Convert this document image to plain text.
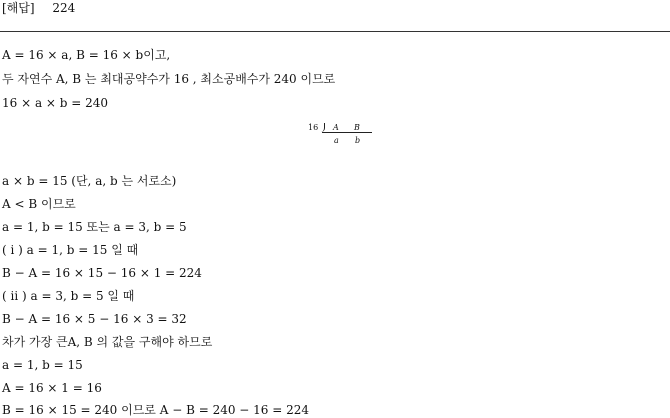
[해답] 224
A = 16 × a, B = 16 × b이고,
두 자연수 A, B 는 최대공약수가 16 , 최소공배수가 240 이므로
16 × a × b = 240
16 A B
a b
a × b = 15 (단, a, b 는 서로소)
A < B 이므로
a = 1, b = 15 또는 a = 3, b = 5
( i ) a = 1, b = 15 일 때
B − A = 16 × 15 − 16 × 1 = 224
( ii ) a = 3, b = 5 일 때
B − A = 16 × 5 − 16 × 3 = 32
차가 가장 큰A, B 의 값을 구해야 하므로
a = 1, b = 15
A = 16 × 1 = 16
B = 16 × 15 = 240 이므로 A − B = 240 − 16 = 224
